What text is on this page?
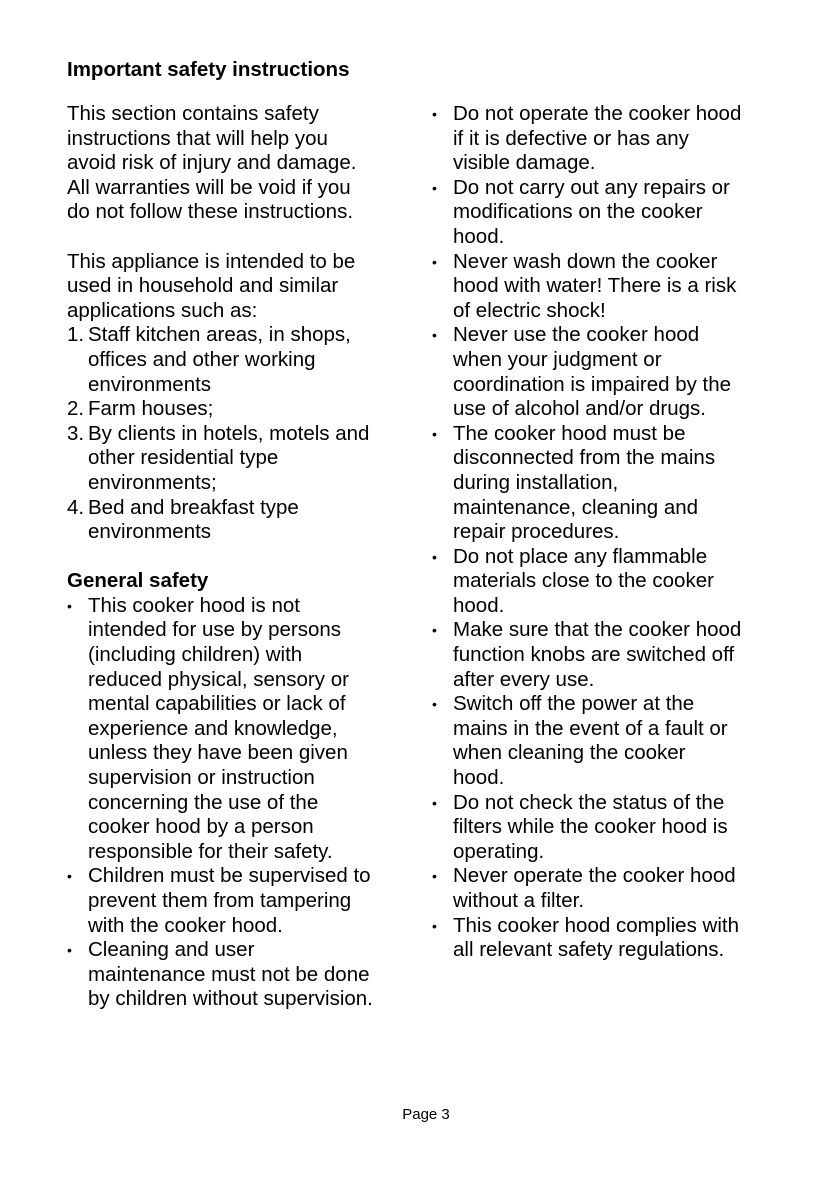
Important safety instructions

This section contains safety
instructions that will help you
avoid risk of injury and damage.
All warranties will be void if you
do not follow these instructions.

This appliance is intended to be
used in household and similar
applications such as:

1. Staff kitchen areas, in shops,
offices and other working
environments
2. Farm houses;
3. By clients in hotels, motels and
other residential type
environments;
4. Bed and breakfast type
environments
General safety
• This cooker hood is not
intended for use by persons
(including children) with
reduced physical, sensory or
mental capabilities or lack of
experience and knowledge,
unless they have been given
supervision or instruction
concerning the use of the
cooker hood by a person
responsible for their safety.
• Children must be supervised to
prevent them from tampering
with the cooker hood.
• Cleaning and user
maintenance must not be done
by children without supervision.
• Do not operate the cooker hood
if it is defective or has any
visible damage.
• Do not carry out any repairs or
modifications on the cooker
hood.
• Never wash down the cooker
hood with water! There is a risk
of electric shock!
• Never use the cooker hood
when your judgment or
coordination is impaired by the
use of alcohol and/or drugs.
• The cooker hood must be
disconnected from the mains
during installation,
maintenance, cleaning and
repair procedures.
• Do not place any flammable
materials close to the cooker
hood.
• Make sure that the cooker hood
function knobs are switched off
after every use.
• Switch off the power at the
mains in the event of a fault or
when cleaning the cooker
hood.
• Do not check the status of the
filters while the cooker hood is
operating.
• Never operate the cooker hood
without a filter.
• This cooker hood complies with
all relevant safety regulations.
Page 3
